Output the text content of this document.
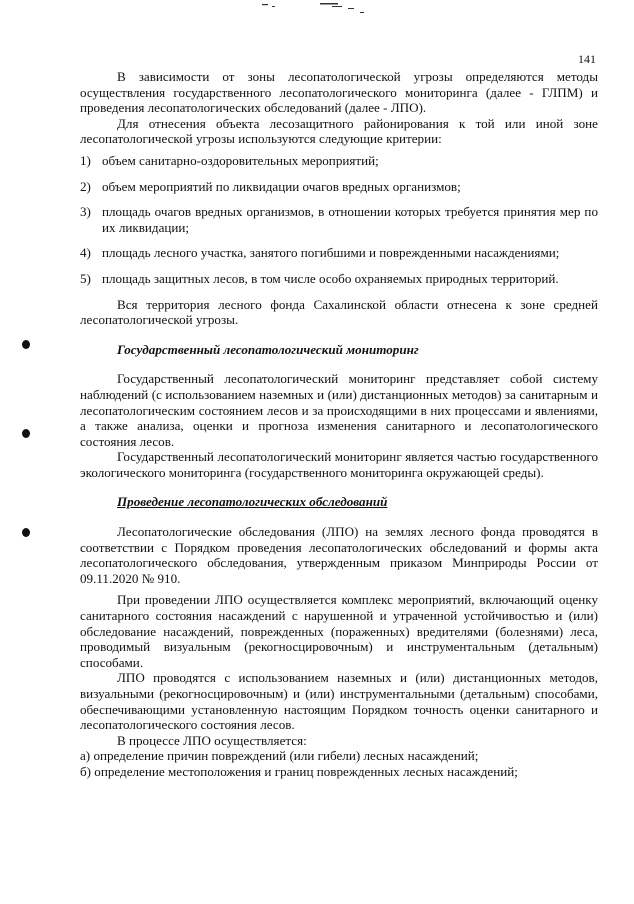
141

В зависимости от зоны лесопатологической угрозы определяются методы осуществления государственного лесопатологического мониторинга (далее - ГЛПМ) и проведения лесопатологических обследований (далее - ЛПО).

Для отнесения объекта лесозащитного районирования к той или иной зоне лесопатологической угрозы используются следующие критерии:

1) объем санитарно-оздоровительных мероприятий;
2) объем мероприятий по ликвидации очагов вредных организмов;
3) площадь очагов вредных организмов, в отношении которых требуется принятия мер по их ликвидации;
4) площадь лесного участка, занятого погибшими и поврежденными насаждениями;
5) площадь защитных лесов, в том числе особо охраняемых природных территорий.

Вся территория лесного фонда Сахалинской области отнесена к зоне средней лесопатологической угрозы.

Государственный лесопатологический мониторинг

Государственный лесопатологический мониторинг представляет собой систему наблюдений (с использованием наземных и (или) дистанционных методов) за санитарным и лесопатологическим состоянием лесов и за происходящими в них процессами и явлениями, а также анализа, оценки и прогноза изменения санитарного и лесопатологического состояния лесов.

Государственный лесопатологический мониторинг является частью государственного экологического мониторинга (государственного мониторинга окружающей среды).

Проведение лесопатологических обследований

Лесопатологические обследования (ЛПО) на землях лесного фонда проводятся в соответствии с Порядком проведения лесопатологических обследований и формы акта лесопатологического обследования, утвержденным приказом Минприроды России от 09.11.2020 № 910.

При проведении ЛПО осуществляется комплекс мероприятий, включающий оценку санитарного состояния насаждений с нарушенной и утраченной устойчивостью и (или) обследование насаждений, поврежденных (пораженных) вредителями (болезнями) леса, проводимый визуальным (рекогносцировочным) и инструментальным (детальным) способами.

ЛПО проводятся с использованием наземных и (или) дистанционных методов, визуальными (рекогносцировочным) и (или) инструментальными (детальным) способами, обеспечивающими установленную настоящим Порядком точность оценки санитарного и лесопатологического состояния лесов.

В процессе ЛПО осуществляется:

а) определение причин повреждений (или гибели) лесных насаждений;

б) определение местоположения и границ поврежденных лесных насаждений;
